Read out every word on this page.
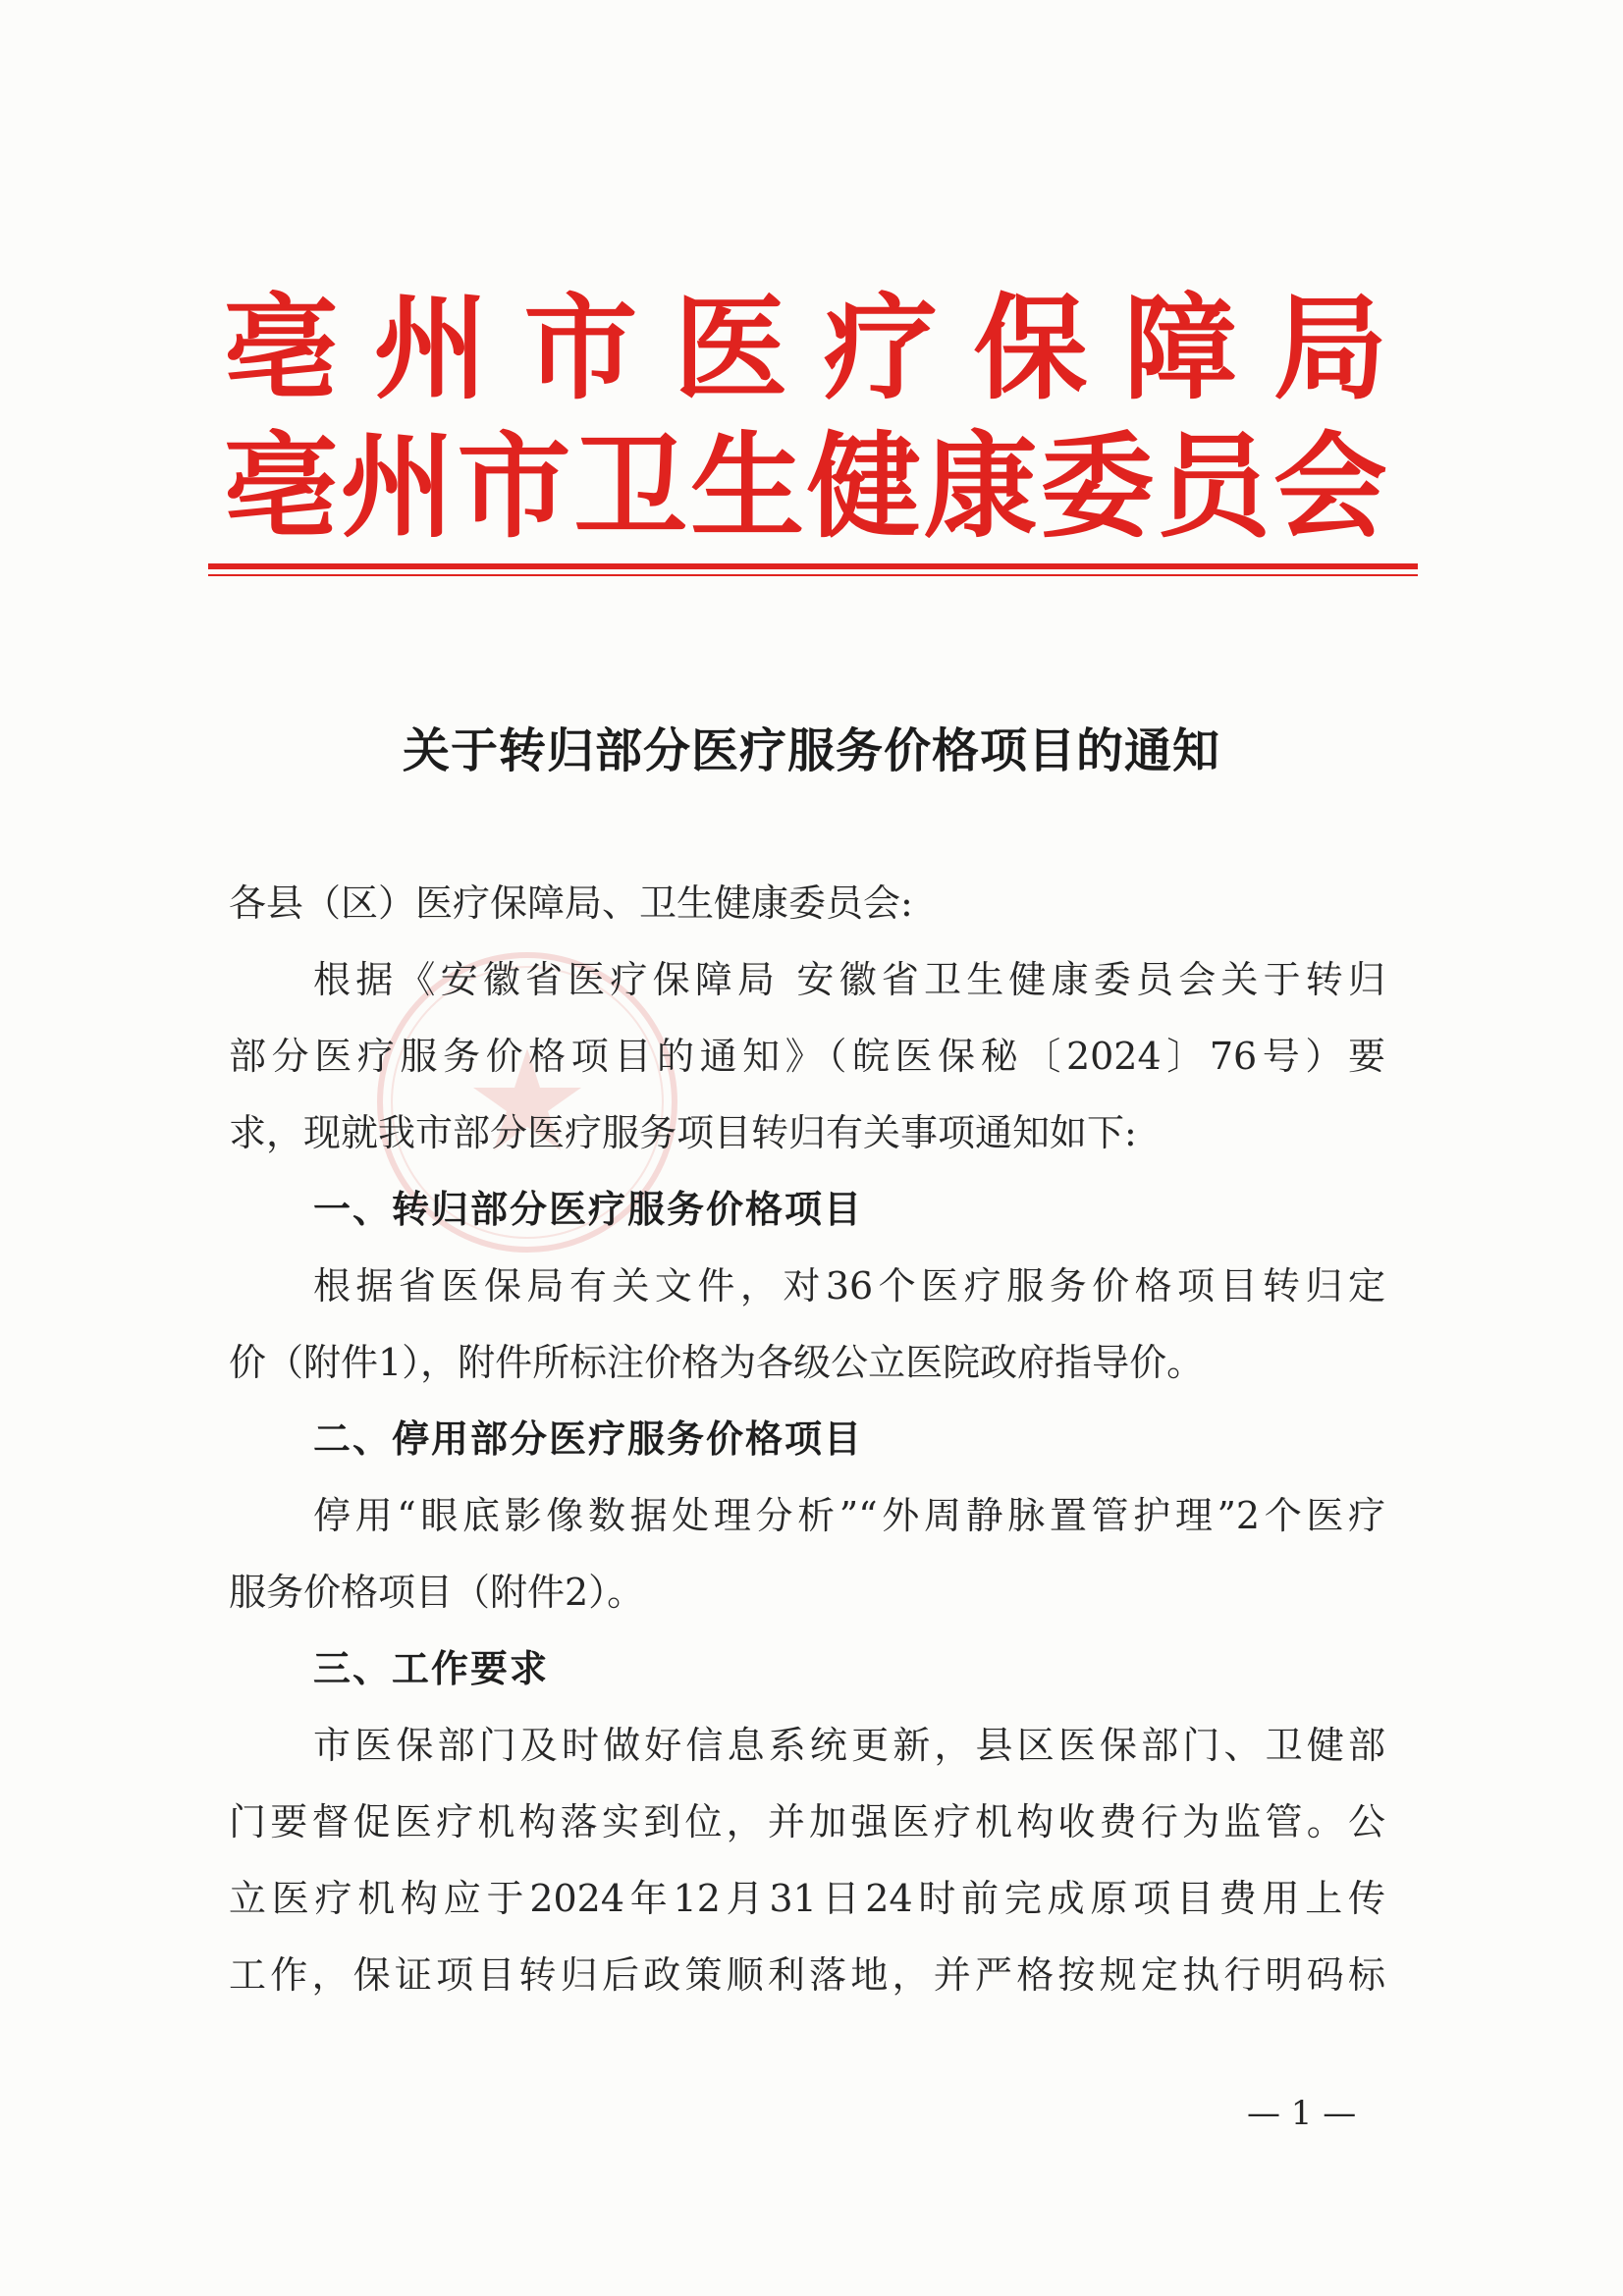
亳 州 市 医 疗 保 障 局
亳 州 市 卫 生 健 康 委 员 会
关于转归部分医疗服务价格项目的通知
各县（区）医疗保障局、卫生健康委员会:
根据《安徽省医疗保障局 安徽省卫生健康委员会关于转归
部分医疗服务价格项目的通知》（皖医保秘〔2024〕76号）要
求，现就我市部分医疗服务项目转归有关事项通知如下:
一、转归部分医疗服务价格项目
根据省医保局有关文件，对36个医疗服务价格项目转归定
价（附件1），附件所标注价格为各级公立医院政府指导价。
二、停用部分医疗服务价格项目
停用“眼底影像数据处理分析”“外周静脉置管护理”2个医疗
服务价格项目（附件2）。
三、工作要求
市医保部门及时做好信息系统更新，县区医保部门、卫健部
门要督促医疗机构落实到位，并加强医疗机构收费行为监管。公
立医疗机构应于2024年12月31日24时前完成原项目费用上传
工作，保证项目转归后政策顺利落地，并严格按规定执行明码标
— 1 —
